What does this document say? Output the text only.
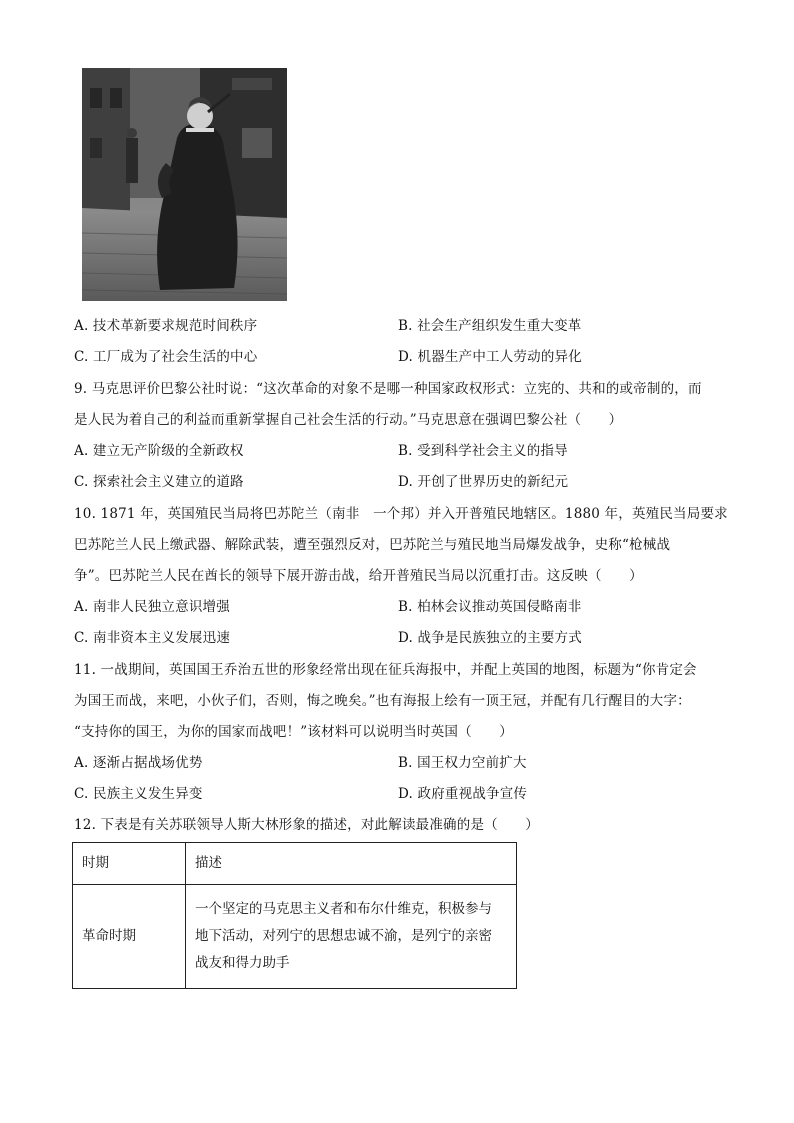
A. 技术革新要求规范时间秩序	B. 社会生产组织发生重大变革
C. 工厂成为了社会生活的中心	D. 机器生产中工人劳动的异化
9. 马克思评价巴黎公社时说：“这次革命的对象不是哪一种国家政权形式：立宪的、共和的或帝制的，而
是人民为着自己的利益而重新掌握自己社会生活的行动。”马克思意在强调巴黎公社（　　）
A. 建立无产阶级的全新政权	B. 受到科学社会主义的指导
C. 探索社会主义建立的道路	D. 开创了世界历史的新纪元
10. 1871 年，英国殖民当局将巴苏陀兰（南非　一个邦）并入开普殖民地辖区。1880 年，英殖民当局要求
巴苏陀兰人民上缴武器、解除武装，遭至强烈反对，巴苏陀兰与殖民地当局爆发战争，史称“枪械战
争”。巴苏陀兰人民在酋长的领导下展开游击战，给开普殖民当局以沉重打击。这反映（　　）
A. 南非人民独立意识增强	B. 柏林会议推动英国侵略南非
C. 南非资本主义发展迅速	D. 战争是民族独立的主要方式
11. 一战期间，英国国王乔治五世的形象经常出现在征兵海报中，并配上英国的地图，标题为“你肯定会
为国王而战，来吧，小伙子们，否则，悔之晚矣。”也有海报上绘有一顶王冠，并配有几行醒目的大字：
“支持你的国王，为你的国家而战吧！”该材料可以说明当时英国（　　）
A. 逐渐占据战场优势	B. 国王权力空前扩大
C. 民族主义发生异变	D. 政府重视战争宣传
12. 下表是有关苏联领导人斯大林形象的描述，对此解读最准确的是（　　）
时期	描述
革命时期	一个坚定的马克思主义者和布尔什维克，积极参与
地下活动，对列宁的思想忠诚不渝，是列宁的亲密
战友和得力助手
